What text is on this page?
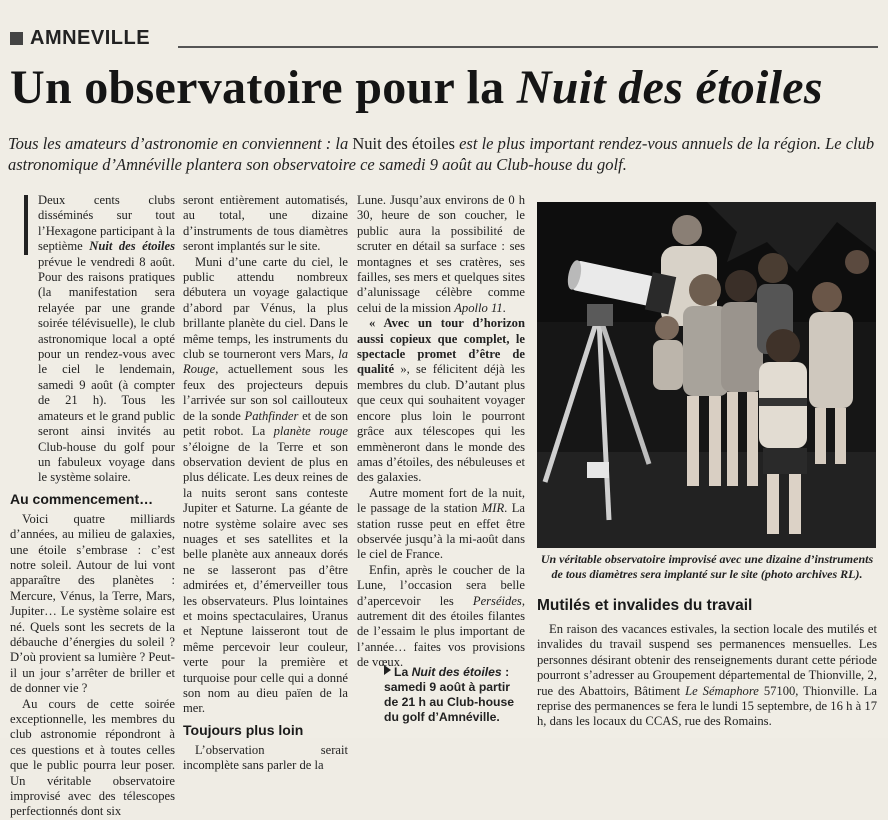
AMNEVILLE
Un observatoire pour la Nuit des étoiles
Tous les amateurs d’astronomie en conviennent : la Nuit des étoiles est le plus important rendez-vous annuels de la région. Le club astronomique d’Amnéville plantera son observatoire ce samedi 9 août au Club-house du golf.

Deux cents clubs disséminés sur tout l’Hexagone participant à la septième Nuit des étoiles prévue le vendredi 8 août. Pour des raisons pratiques (la manifestation sera relayée par une grande soirée télévisuelle), le club astronomique local a opté pour un rendez-vous avec le ciel le lendemain, samedi 9 août (à compter de 21 h). Tous les amateurs et le grand public seront ainsi invités au Club-house du golf pour un fabuleux voyage dans le système solaire.

Au commencement…

Voici quatre milliards d’années, au milieu de galaxies, une étoile s’embrase : c’est notre soleil. Autour de lui vont apparaître des planètes : Mercure, Vénus, la Terre, Mars, Jupiter… Le système solaire est né. Quels sont les secrets de la débauche d’énergies du soleil ? D’où provient sa lumière ? Peut-il un jour s’arrêter de briller et de donner vie ?

Au cours de cette soirée exceptionnelle, les membres du club astronomie répondront à ces questions et à toutes celles que le public pourra leur poser. Un véritable observatoire improvisé avec des télescopes perfectionnés dont six

seront entièrement automatisés, au total, une dizaine d’instruments de tous diamètres seront implantés sur le site.

Muni d’une carte du ciel, le public attendu nombreux débutera un voyage galactique d’abord par Vénus, la plus brillante planète du ciel. Dans le même temps, les instruments du club se tourneront vers Mars, la Rouge, actuellement sous les feux des projecteurs depuis l’arrivée sur son sol caillouteux de la sonde Pathfinder et de son petit robot. La planète rouge s’éloigne de la Terre et son observation devient de plus en plus délicate. Les deux reines de la nuits seront sans conteste Jupiter et Saturne. La géante de notre système solaire avec ses nuages et ses satellites et la belle planète aux anneaux dorés ne se lasseront pas d’être admirées et, d’émerveiller tous les observateurs. Plus lointaines et moins spectaculaires, Uranus et Neptune laisseront tout de même percevoir leur couleur, verte pour la première et turquoise pour celle qui a donné son nom au dieu païen de la mer.

Toujours plus loin

L’observation serait incomplète sans parler de la

Lune. Jusqu’aux environs de 0 h 30, heure de son coucher, le public aura la possibilité de scruter en détail sa surface : ses montagnes et ses cratères, ses failles, ses mers et quelques sites d’alunissage célèbre comme celui de la mission Apollo 11.

« Avec un tour d’horizon aussi copieux que complet, le spectacle promet d’être de qualité », se félicitent déjà les membres du club. D’autant plus que ceux qui souhaitent voyager encore plus loin le pourront grâce aux télescopes qui les emmèneront dans le monde des amas d’étoiles, des nébuleuses et des galaxies.

Autre moment fort de la nuit, le passage de la station MIR. La station russe peut en effet être observée jusqu’à la mi-août dans le ciel de France.

Enfin, après le coucher de la Lune, l’occasion sera belle d’apercevoir les Perséides, autrement dit des étoiles filantes de l’essaim le plus important de l’année… faites vos provisions de vœux.

La Nuit des étoiles : samedi 9 août à partir de 21 h au Club-house du golf d’Amnéville.
Un véritable observatoire improvisé avec une dizaine d’instruments de tous diamètres sera implanté sur le site (photo archives RL).
Mutilés et invalides du travail

En raison des vacances estivales, la section locale des mutilés et invalides du travail suspend ses permanences mensuelles. Les personnes désirant obtenir des renseignements durant cette période pourront s’adresser au Groupement départemental de Thionville, 2, rue des Abattoirs, Bâtiment Le Sémaphore 57100, Thionville. La reprise des permanences se fera le lundi 15 septembre, de 16 h à 17 h, dans les locaux du CCAS, rue des Romains.
